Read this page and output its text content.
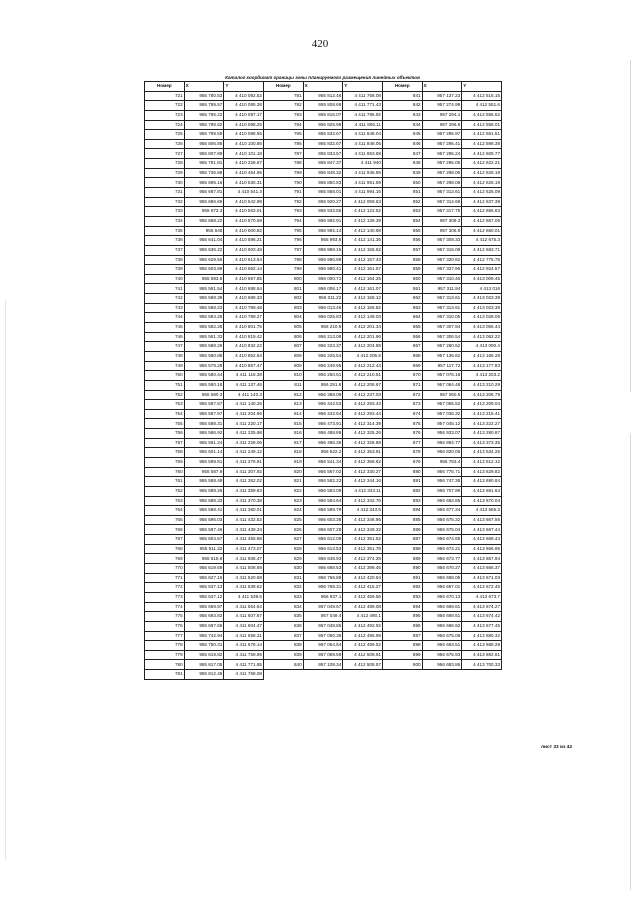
420
Каталог координат границы зоны планируемого размещения линейных объектов
Номер	X	Y	Номер	X	Y	Номер	X	Y
721	955 780.53	4 410 092.52	781	955 812.46	4 411 768.08	841	957 137.23	4 412 516.15
722	955 789.57	4 410 095.38	782	955 808.69	4 411 771.43	842	957 274.99	4 412 551.6
723	955 795.22	4 410 097.17	783	955 816.07	4 411 785.92	843	957 294.1	4 412 556.52
724	955 798.62	4 410 098.25	784	955 825.98	4 411 806.11	844	957 296.8	4 412 558.01
725	955 799.59	4 410 098.55	785	955 832.67	4 411 848.04	845	957 295.97	4 412 561.51
726	955 806.88	4 410 100.86	786	955 832.67	4 411 848.05	846	957 295.41	4 412 598.38
727	955 807.89	4 410 101.18	787	955 833.57	4 411 853.68	847	957 295.24	4 412 609.77
728	955 791.81	4 410 228.67	788	955 847.37	4 411 940	848	957 295.05	4 412 622.21
729	955 736.88	4 410 464.95	789	955 848.32	4 411 945.95	849	957 298.06	4 412 625.19
730	955 695.16	4 410 530.31	790	955 850.83	4 411 961.69	850	957 298.08	4 412 625.19
731	955 687.81	4 410 541.3	791	955 856.01	4 411 994.15	851	957 313.61	4 412 625.09
732	955 686.69	4 410 542.98	792	955 920.27	4 412 059.63	852	957 314.68	4 412 637.39
733	955 673.3	4 410 563.01	793	955 933.55	4 412 122.52	853	957 317.75	4 412 655.63
734	955 668.22	4 410 570.59	794	955 992.91	4 412 139.39	854	957 309.3	4 412 657.05
735	955 648	4 410 600.82	795	955 992.14	4 412 140.68	855	957 306.8	4 412 660.01
736	955 641.04	4 410 596.21	796	955 993.6	4 412 141.35	856	957 309.33	4 412 675.3
737	955 636.22	4 410 603.48	797	955 988.15	4 412 156.62	857	957 316.09	4 412 683.71
738	955 629.56	4 410 613.54	798	955 990.99	4 412 157.43	858	957 320.62	4 412 775.76
739	955 603.89	4 410 652.14	799	955 990.41	4 412 161.57	859	957 327.96	4 412 924.57
740	955 593.6	4 410 667.85	800	956 000.71	4 412 164.25	860	957 310.46	4 413 009.45
741	955 591.54	4 410 688.64	801	956 006.17	4 412 161.07	861	957 311.94	4 413 016
742	955 598.39	4 410 689.33	802	956 011.22	4 412 158.12	862	957 313.61	4 413 023.39
743	955 588.23	4 410 789.48	803	956 013.46	4 412 156.82	863	957 313.61	4 413 023.39
744	955 584.28	4 410 789.27	804	956 025.83	4 412 149.03	864	957 310.05	4 413 028.05
745	955 582.28	4 410 801.75	805	956 210.9	4 412 201.34	865	957 307.94	4 413 055.44
746	955 581.33	4 410 819.42	806	956 213.08	4 412 201.96	866	957 306.54	4 413 062.22
747	955 588.26	4 410 832.22	807	956 223.37	4 412 204.88	867	957 260.52	4 413 090.4
748	955 580.88	4 410 852.84	808	956 225.54	4 412 205.5	868	957 136.62	4 413 166.28
749	955 579.28	4 410 857.47	809	956 249.95	4 412 212.43	869	957 117.72	4 413 177.83
750	955 580.44	4 411 116.38	810	956 250.51	4 412 210.51	870	957 076.18	4 413 203.2
751	955 580.18	4 411 137.46	811	956 251.6	4 412 206.67	871	957 064.48	4 413 210.29
752	955 580.3	4 411 140.3	812	956 358.09	4 412 237.03	872	957 060.5	4 413 206.79
753	955 587.57	4 411 140.26	813	956 442.53	4 412 293.43	873	957 055.52	4 413 209.04
754	955 587.97	4 411 204.96	814	956 442.54	4 412 293.44	874	957 036.32	4 413 215.41
755	955 588.31	4 411 220.17	815	956 473.91	4 412 314.39	875	957 045.12	4 413 222.27
756	955 586.92	4 411 225.98	816	956 488.89	4 412 325.26	876	956 933.07	4 413 290.87
757	955 591.24	4 411 228.06	817	956 486.36	4 412 328.88	877	956 894.77	4 413 373.35
758	955 601.14	4 411 249.12	818	956 522.2	4 412 353.91	878	956 820.05	4 413 534.26
759	955 599.51	4 411 276.91	819	956 541.34	4 412 358.62	879	956 783.4	4 413 612.12
760	955 587.9	4 411 307.92	820	956 567.02	4 412 330.27	880	956 775.71	4 413 629.82
761	955 588.49	4 411 352.02	821	956 582.23	4 412 344.16	881	956 747.36	4 413 690.84
762	955 588.26	4 411 359.83	822	956 583.09	4 412 343.11	882	956 707.99	4 413 691.64
763	955 588.33	4 411 370.38	823	956 584.64	4 412 342.76	883	956 682.85	4 413 670.04
764	955 588.41	4 411 380.01	824	956 589.79	4 412 343.5	884	956 677.34	4 413 665.3
765	955 595.03	4 411 432.52	825	956 603.38	4 412 346.95	885	956 675.32	4 413 667.56
766	955 597.46	4 411 439.34	826	956 607.28	4 412 349.32	886	956 675.04	4 413 667.44
767	955 604.57	4 411 455.88	827	956 612.09	4 412 351.52	887	956 674.65	4 413 668.44
768	955 611.32	4 411 473.07	828	956 613.53	4 412 351.78	888	956 674.21	4 413 666.95
769	955 618.8	4 411 506.47	829	956 648.93	4 412 374.28	889	956 673.77	4 413 667.94
770	955 619.69	4 411 508.69	830	956 688.53	4 412 399.45	890	956 670.27	4 413 666.37
771	955 627.16	4 411 520.58	831	956 766.89	4 412 420.54	891	956 668.05	4 413 671.03
772	955 637.13	4 411 539.62	832	956 768.31	4 412 415.27	892	956 667.01	4 413 672.45
773	955 637.12	4 411 539.6	833	956 937.1	4 412 459.56	893	956 670.13	4 413 673.7
774	955 659.97	4 411 564.64	834	957 049.67	4 412 489.08	894	956 669.81	4 413 674.27
775	955 693.82	4 411 607.67	835	957 049.4	4 412 490.1	895	956 669.51	4 413 674.42
776	955 697.66	4 411 604.47	836	957 048.86	4 412 492.92	896	956 666.92	4 413 677.45
777	955 742.94	4 411 658.31	837	957 060.38	4 412 495.99	897	956 675.08	4 413 680.32
778	955 750.31	4 411 676.14	838	957 064.54	4 412 499.52	898	956 663.51	4 413 689.29
779	955 819.82	4 411 759.95	839	957 069.59	4 412 508.91	899	956 675.93	4 413 692.61
780	955 817.05	4 411 771.85	840	957 108.34	4 412 508.57	900	956 683.86	4 413 700.33
781	955 812.45	4 411 768.08						
лист 33 из 42
